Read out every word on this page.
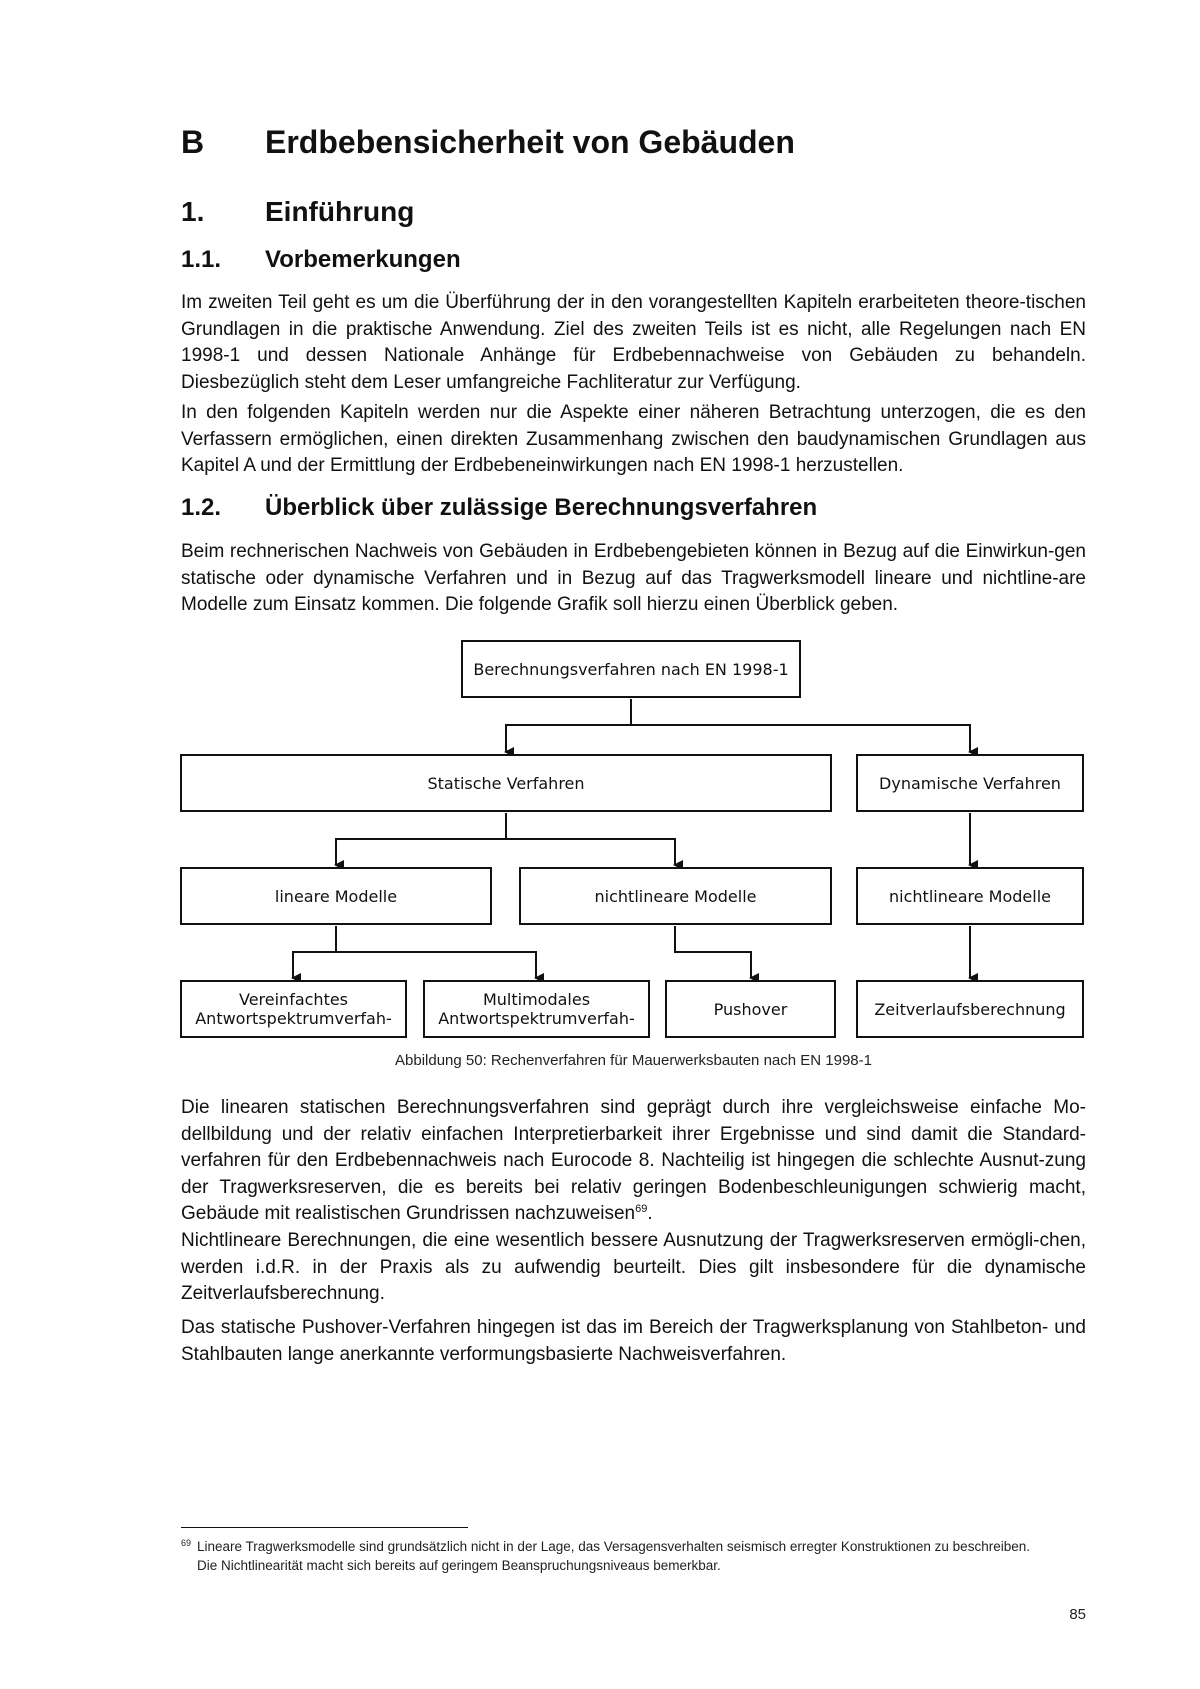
B	Erdbebensicherheit von Gebäuden
1.	Einführung
1.1.	Vorbemerkungen

Im zweiten Teil geht es um die Überführung der in den vorangestellten Kapiteln erarbeiteten theore-tischen Grundlagen in die praktische Anwendung. Ziel des zweiten Teils ist es nicht, alle Regelungen nach EN 1998-1 und dessen Nationale Anhänge für Erdbebennachweise von Gebäuden zu behandeln. Diesbezüglich steht dem Leser umfangreiche Fachliteratur zur Verfügung.

In den folgenden Kapiteln werden nur die Aspekte einer näheren Betrachtung unterzogen, die es den Verfassern ermöglichen, einen direkten Zusammenhang zwischen den baudynamischen Grundlagen aus Kapitel A und der Ermittlung der Erdbebeneinwirkungen nach EN 1998-1 herzustellen.

1.2.	Überblick über zulässige Berechnungsverfahren

Beim rechnerischen Nachweis von Gebäuden in Erdbebengebieten können in Bezug auf die Einwirkun-gen statische oder dynamische Verfahren und in Bezug auf das Tragwerksmodell lineare und nichtline-are Modelle zum Einsatz kommen. Die folgende Grafik soll hierzu einen Überblick geben.

Berechnungsverfahren nach EN 1998-1
Statische Verfahren	Dynamische Verfahren
lineare Modelle	nichtlineare Modelle	nichtlineare Modelle
Vereinfachtes Antwortspektrumverfah-
Multimodales Antwortspektrumverfah-	Pushover	Zeitverlaufsberechnung
Abbildung 50: Rechenverfahren für Mauerwerksbauten nach EN 1998-1

Die linearen statischen Berechnungsverfahren sind geprägt durch ihre vergleichsweise einfache Mo-dellbildung und der relativ einfachen Interpretierbarkeit ihrer Ergebnisse und sind damit die Standard-verfahren für den Erdbebennachweis nach Eurocode 8. Nachteilig ist hingegen die schlechte Ausnut-zung der Tragwerksreserven, die es bereits bei relativ geringen Bodenbeschleunigungen schwierig macht, Gebäude mit realistischen Grundrissen nachzuweisen$^{69}$.

Nichtlineare Berechnungen, die eine wesentlich bessere Ausnutzung der Tragwerksreserven ermögli-chen, werden i.d.R. in der Praxis als zu aufwendig beurteilt. Dies gilt insbesondere für die dynamische Zeitverlaufsberechnung.

Das statische Pushover-Verfahren hingegen ist das im Bereich der Tragwerksplanung von Stahlbeton- und Stahlbauten lange anerkannte verformungsbasierte Nachweisverfahren.

$^{69}$ Lineare Tragwerksmodelle sind grundsätzlich nicht in der Lage, das Versagensverhalten seismisch erregter Konstruktionen zu beschreiben.
Die Nichtlinearität macht sich bereits auf geringem Beanspruchungsniveaus bemerkbar.
85
